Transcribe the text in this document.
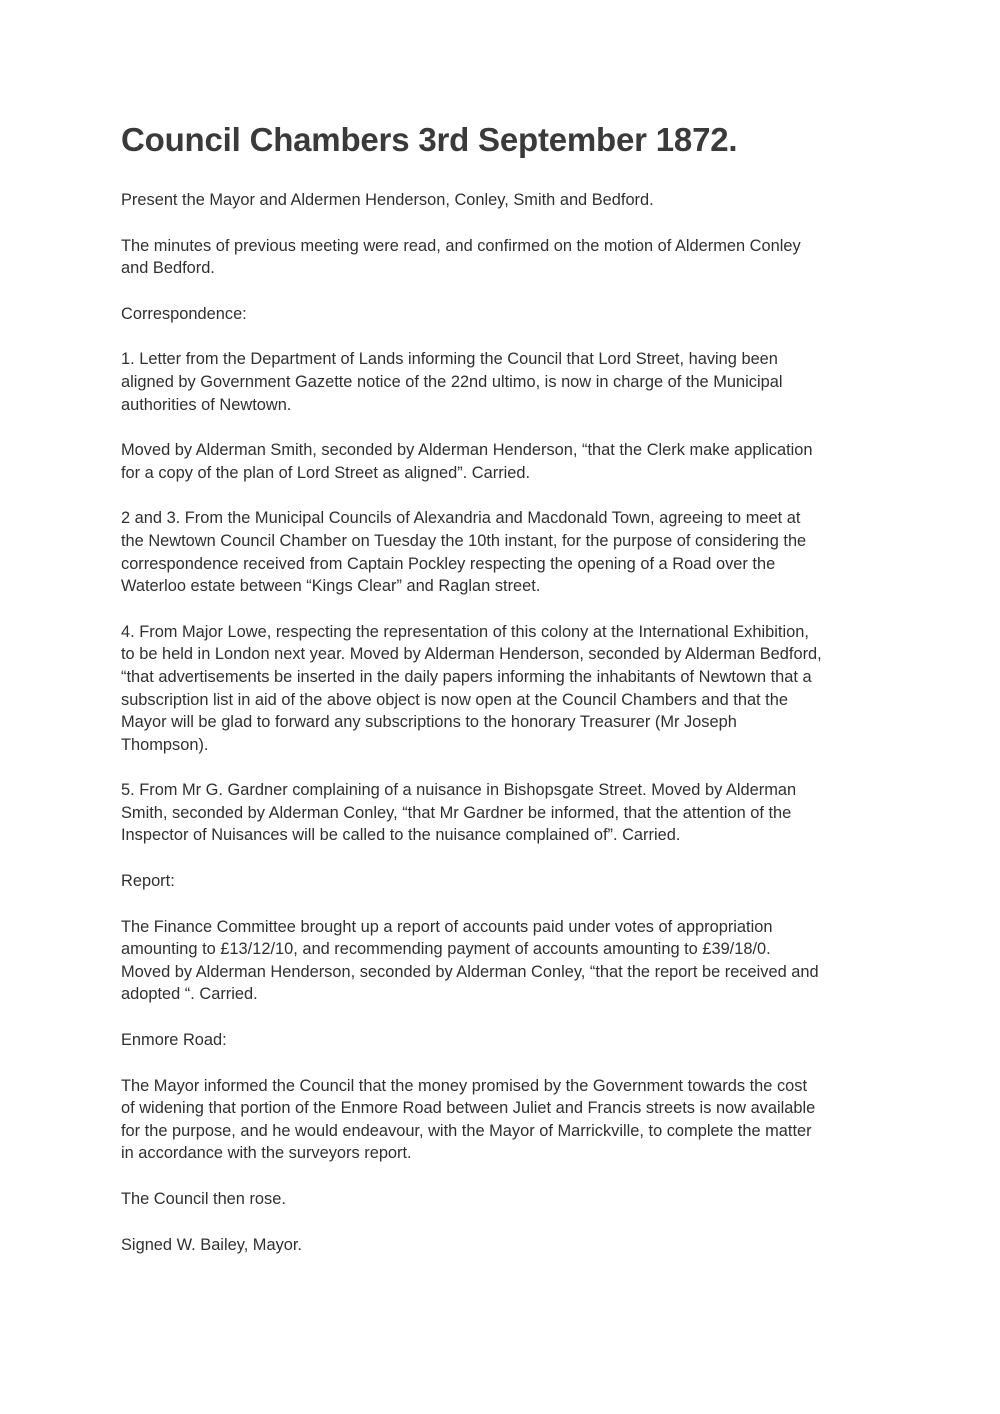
Council Chambers 3rd September 1872.

Present the Mayor and Aldermen Henderson, Conley, Smith and Bedford.

The minutes of previous meeting were read, and confirmed on the motion of Aldermen Conley
and Bedford.

Correspondence:

1. Letter from the Department of Lands informing the Council that Lord Street, having been
aligned by Government Gazette notice of the 22nd ultimo, is now in charge of the Municipal
authorities of Newtown.

Moved by Alderman Smith, seconded by Alderman Henderson, “that the Clerk make application
for a copy of the plan of Lord Street as aligned”. Carried.

2 and 3. From the Municipal Councils of Alexandria and Macdonald Town, agreeing to meet at
the Newtown Council Chamber on Tuesday the 10th instant, for the purpose of considering the
correspondence received from Captain Pockley respecting the opening of a Road over the
Waterloo estate between “Kings Clear” and Raglan street.

4. From Major Lowe, respecting the representation of this colony at the International Exhibition,
to be held in London next year. Moved by Alderman Henderson, seconded by Alderman Bedford,
“that advertisements be inserted in the daily papers informing the inhabitants of Newtown that a
subscription list in aid of the above object is now open at the Council Chambers and that the
Mayor will be glad to forward any subscriptions to the honorary Treasurer (Mr Joseph
Thompson).

5. From Mr G. Gardner complaining of a nuisance in Bishopsgate Street. Moved by Alderman
Smith, seconded by Alderman Conley, “that Mr Gardner be informed, that the attention of the
Inspector of Nuisances will be called to the nuisance complained of”. Carried.

Report:

The Finance Committee brought up a report of accounts paid under votes of appropriation
amounting to £13/12/10, and recommending payment of accounts amounting to £39/18/0.
Moved by Alderman Henderson, seconded by Alderman Conley, “that the report be received and
adopted “. Carried.

Enmore Road:

The Mayor informed the Council that the money promised by the Government towards the cost
of widening that portion of the Enmore Road between Juliet and Francis streets is now available
for the purpose, and he would endeavour, with the Mayor of Marrickville, to complete the matter
in accordance with the surveyors report.

The Council then rose.

Signed W. Bailey, Mayor.
